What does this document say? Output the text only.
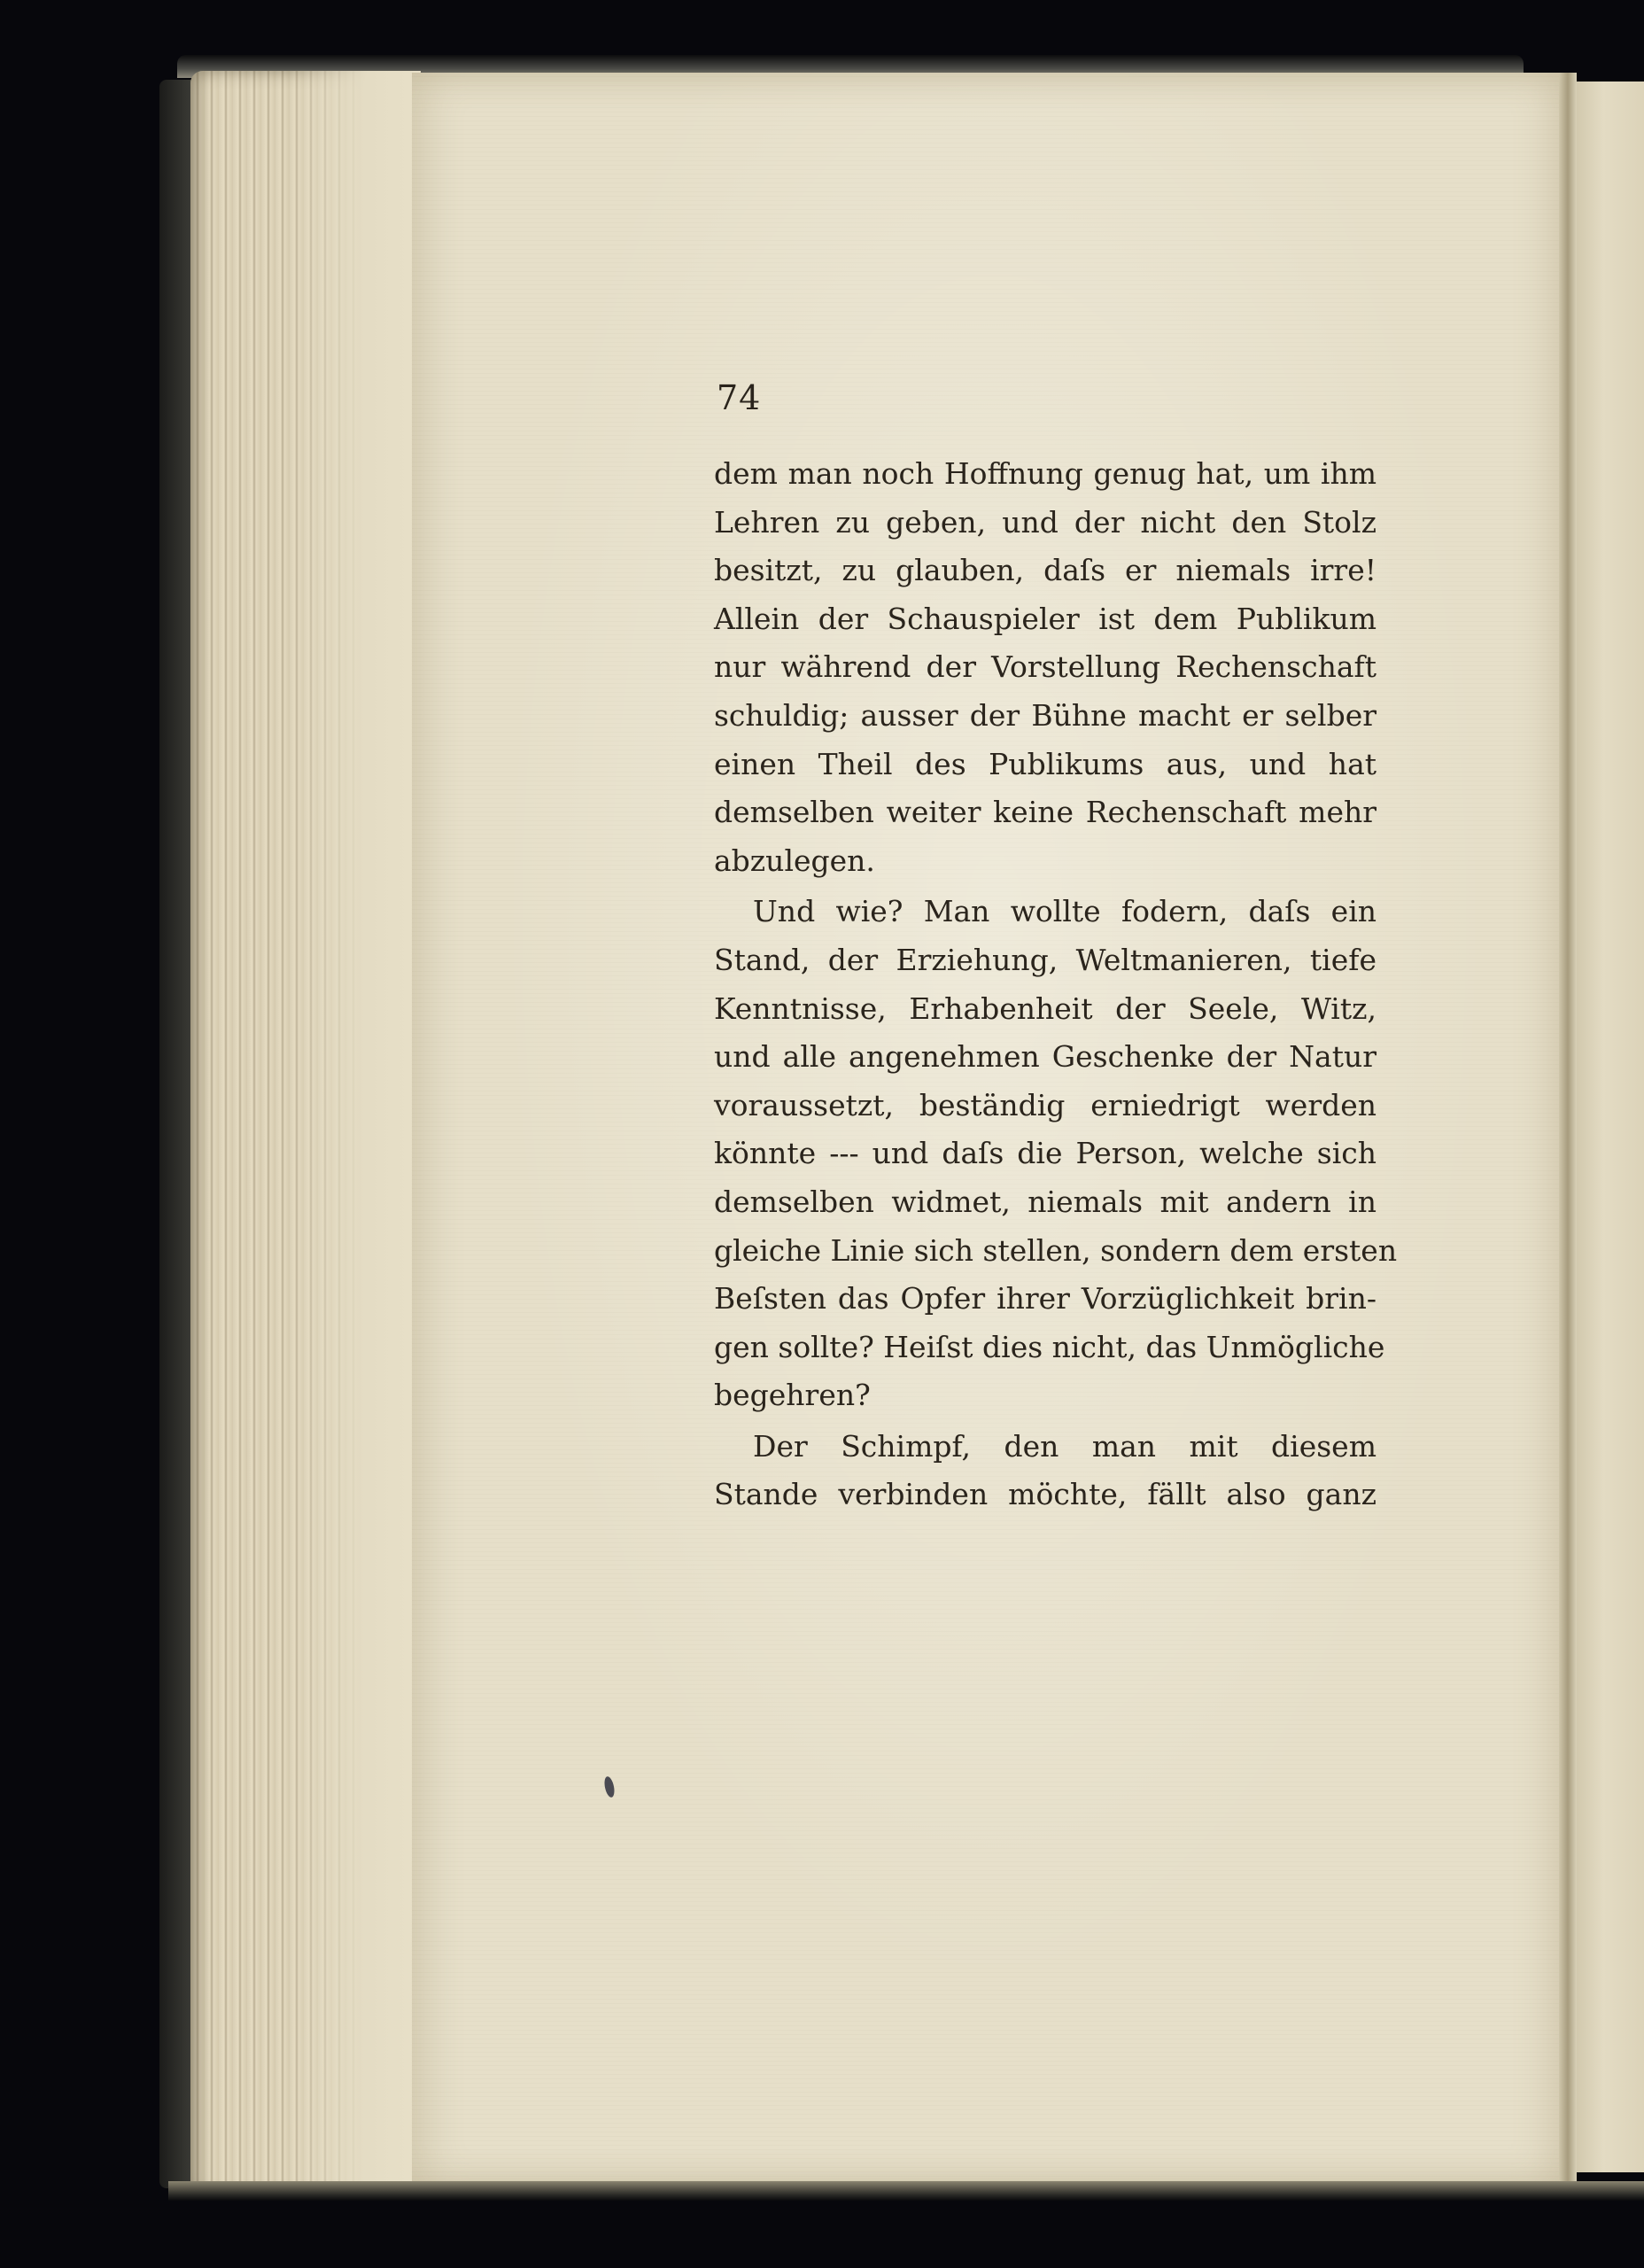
74
dem man noch Hoffnung genug hat, um ihm
Lehren zu geben, und der nicht den Stolz
besitzt, zu glauben, daſs er niemals irre!
Allein der Schauspieler ist dem Publikum
nur während der Vorstellung Rechenschaft
schuldig; ausser der Bühne macht er selber
einen Theil des Publikums aus, und hat
demselben weiter keine Rechenschaft mehr
abzulegen.
Und wie? Man wollte fodern, daſs ein
Stand, der Erziehung, Weltmanieren, tiefe
Kenntnisse, Erhabenheit der Seele, Witz,
und alle angenehmen Geschenke der Natur
voraussetzt, beständig erniedrigt werden
könnte --- und daſs die Person, welche sich
demselben widmet, niemals mit andern in
gleiche Linie sich stellen, sondern dem ersten
Beſsten das Opfer ihrer Vorzüglichkeit brin-
gen sollte? Heiſst dies nicht, das Unmögliche
begehren?
Der Schimpf, den man mit diesem
Stande verbinden möchte, fällt also ganz
